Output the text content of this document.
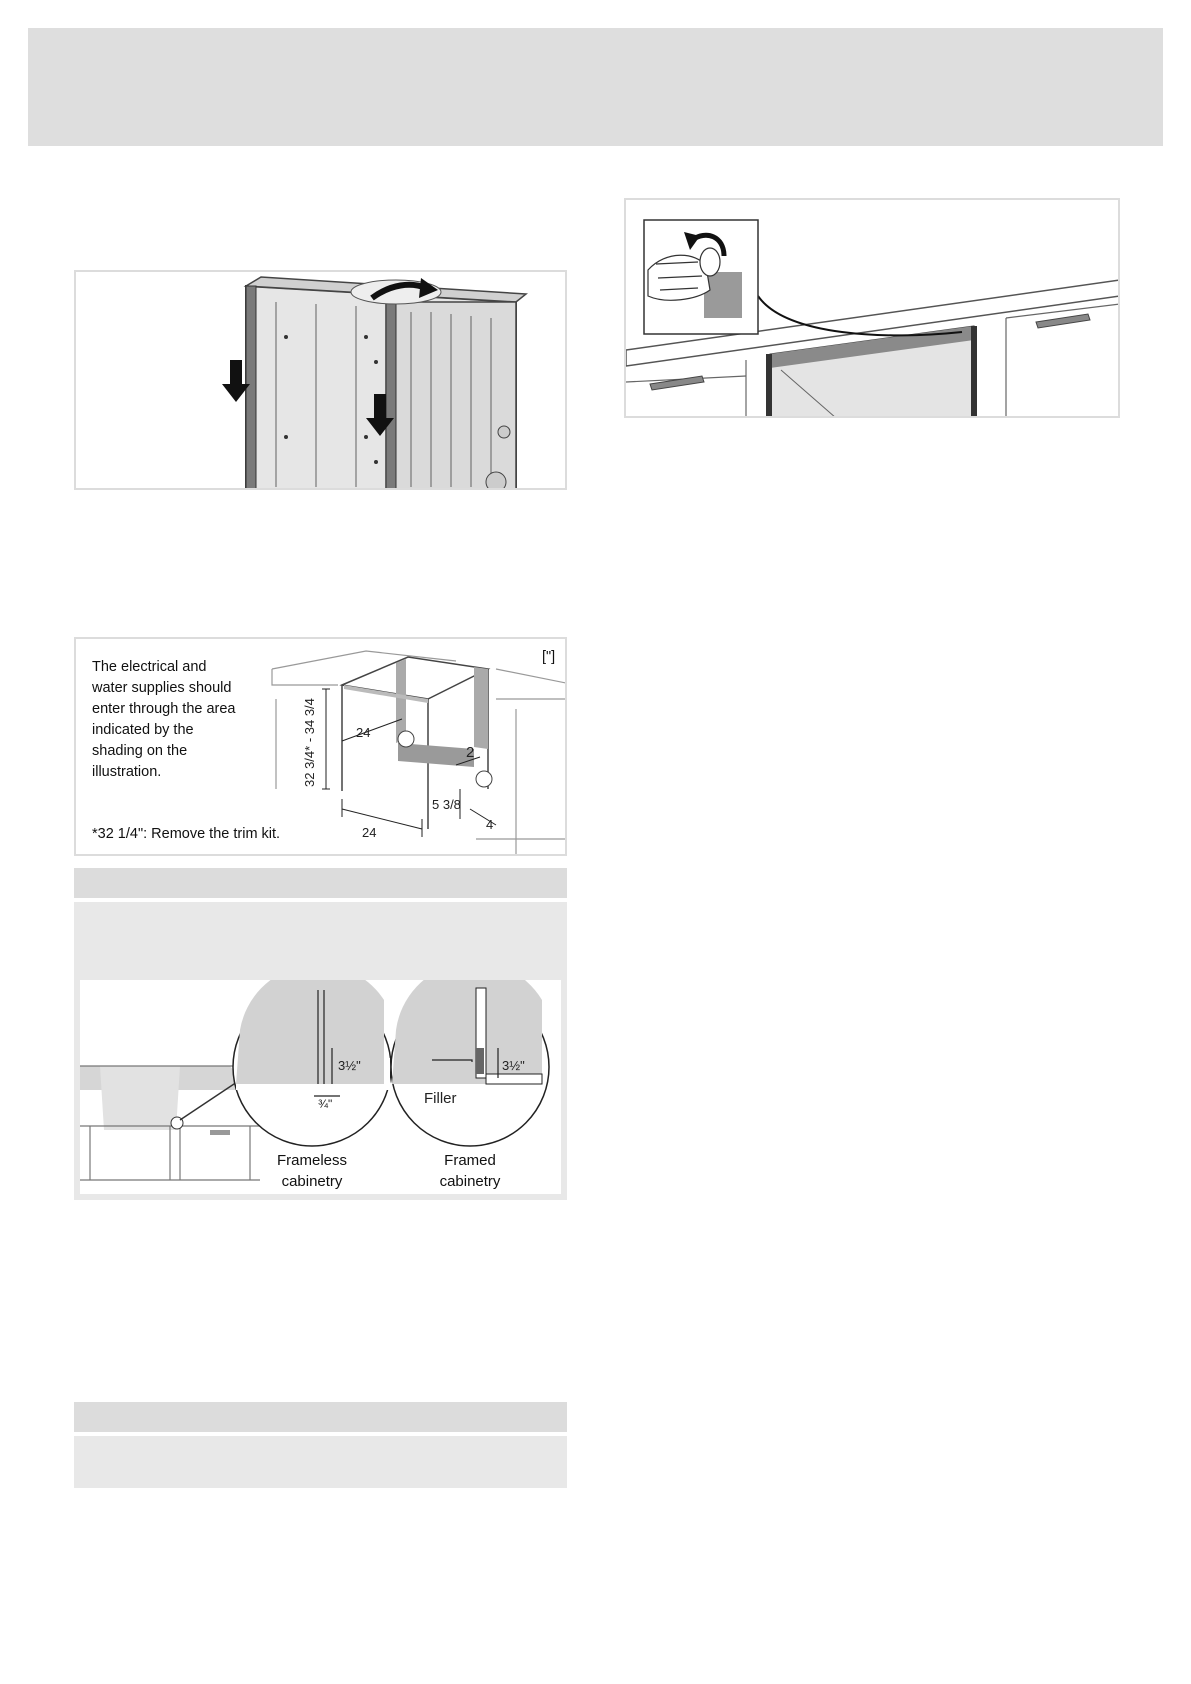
The electrical and
water supplies should
enter through the area
indicated by the
shading on the
illustration.
*32 1/4": Remove the trim kit.
["]
32 3/4* - 34 3/4	24
24
2
5 3/8
4
3½"
¾"
3½"
Filler
Frameless
cabinetry
Framed
cabinetry
